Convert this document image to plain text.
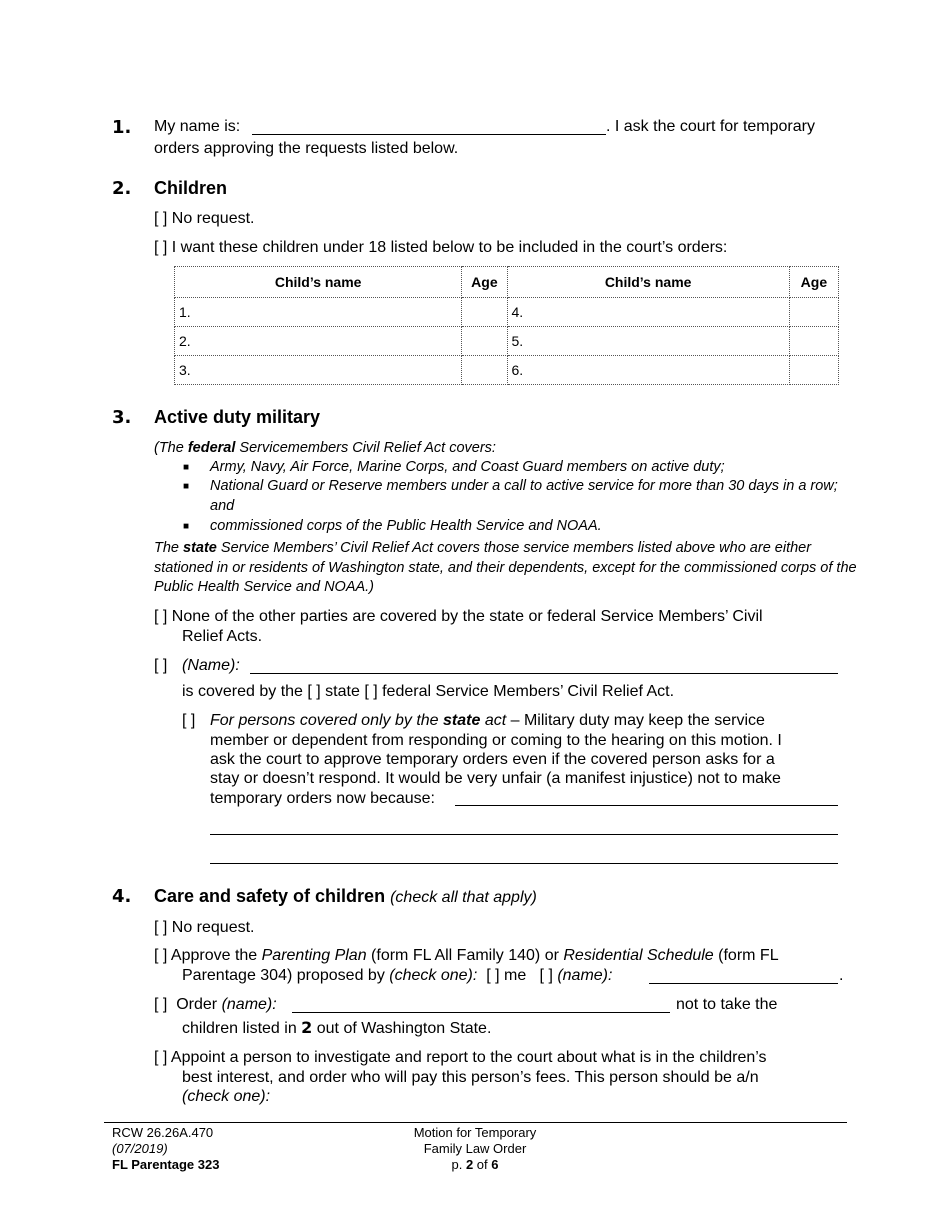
1. My name is:	. I ask the court for temporary
orders approving the requests listed below.
2. Children
[ ] No request.
[ ] I want these children under 18 listed below to be included in the court’s orders:
Child’s name	Age	Child’s name	Age
1.		4.	
2.		5.	
3.		6.	
3. Active duty military
(The federal Servicemembers Civil Relief Act covers:
■ Army, Navy, Air Force, Marine Corps, and Coast Guard members on active duty;
■ National Guard or Reserve members under a call to active service for more than 30 days in a row;
and
■ commissioned corps of the Public Health Service and NOAA.
The state Service Members’ Civil Relief Act covers those service members listed above who are either
stationed in or residents of Washington state, and their dependents, except for the commissioned corps of the
Public Health Service and NOAA.)
[ ] None of the other parties are covered by the state or federal Service Members’ Civil
Relief Acts.
[ ] (Name):
is covered by the [ ] state [ ] federal Service Members’ Civil Relief Act.
[ ] For persons covered only by the state act – Military duty may keep the service
member or dependent from responding or coming to the hearing on this motion. I
ask the court to approve temporary orders even if the covered person asks for a
stay or doesn’t respond. It would be very unfair (a manifest injustice) not to make
temporary orders now because:
4. Care and safety of children (check all that apply)
[ ] No request.
[ ] Approve the Parenting Plan (form FL All Family 140) or Residential Schedule (form FL
Parentage 304) proposed by (check one):  [ ] me   [ ] (name):	.
[ ]  Order (name):	not to take the
children listed in 2 out of Washington State.
[ ] Appoint a person to investigate and report to the court about what is in the children’s
best interest, and order who will pay this person’s fees. This person should be a/n
(check one):
RCW 26.26A.470
(07/2019)
FL Parentage 323
Motion for Temporary
Family Law Order
p. 2 of 6
